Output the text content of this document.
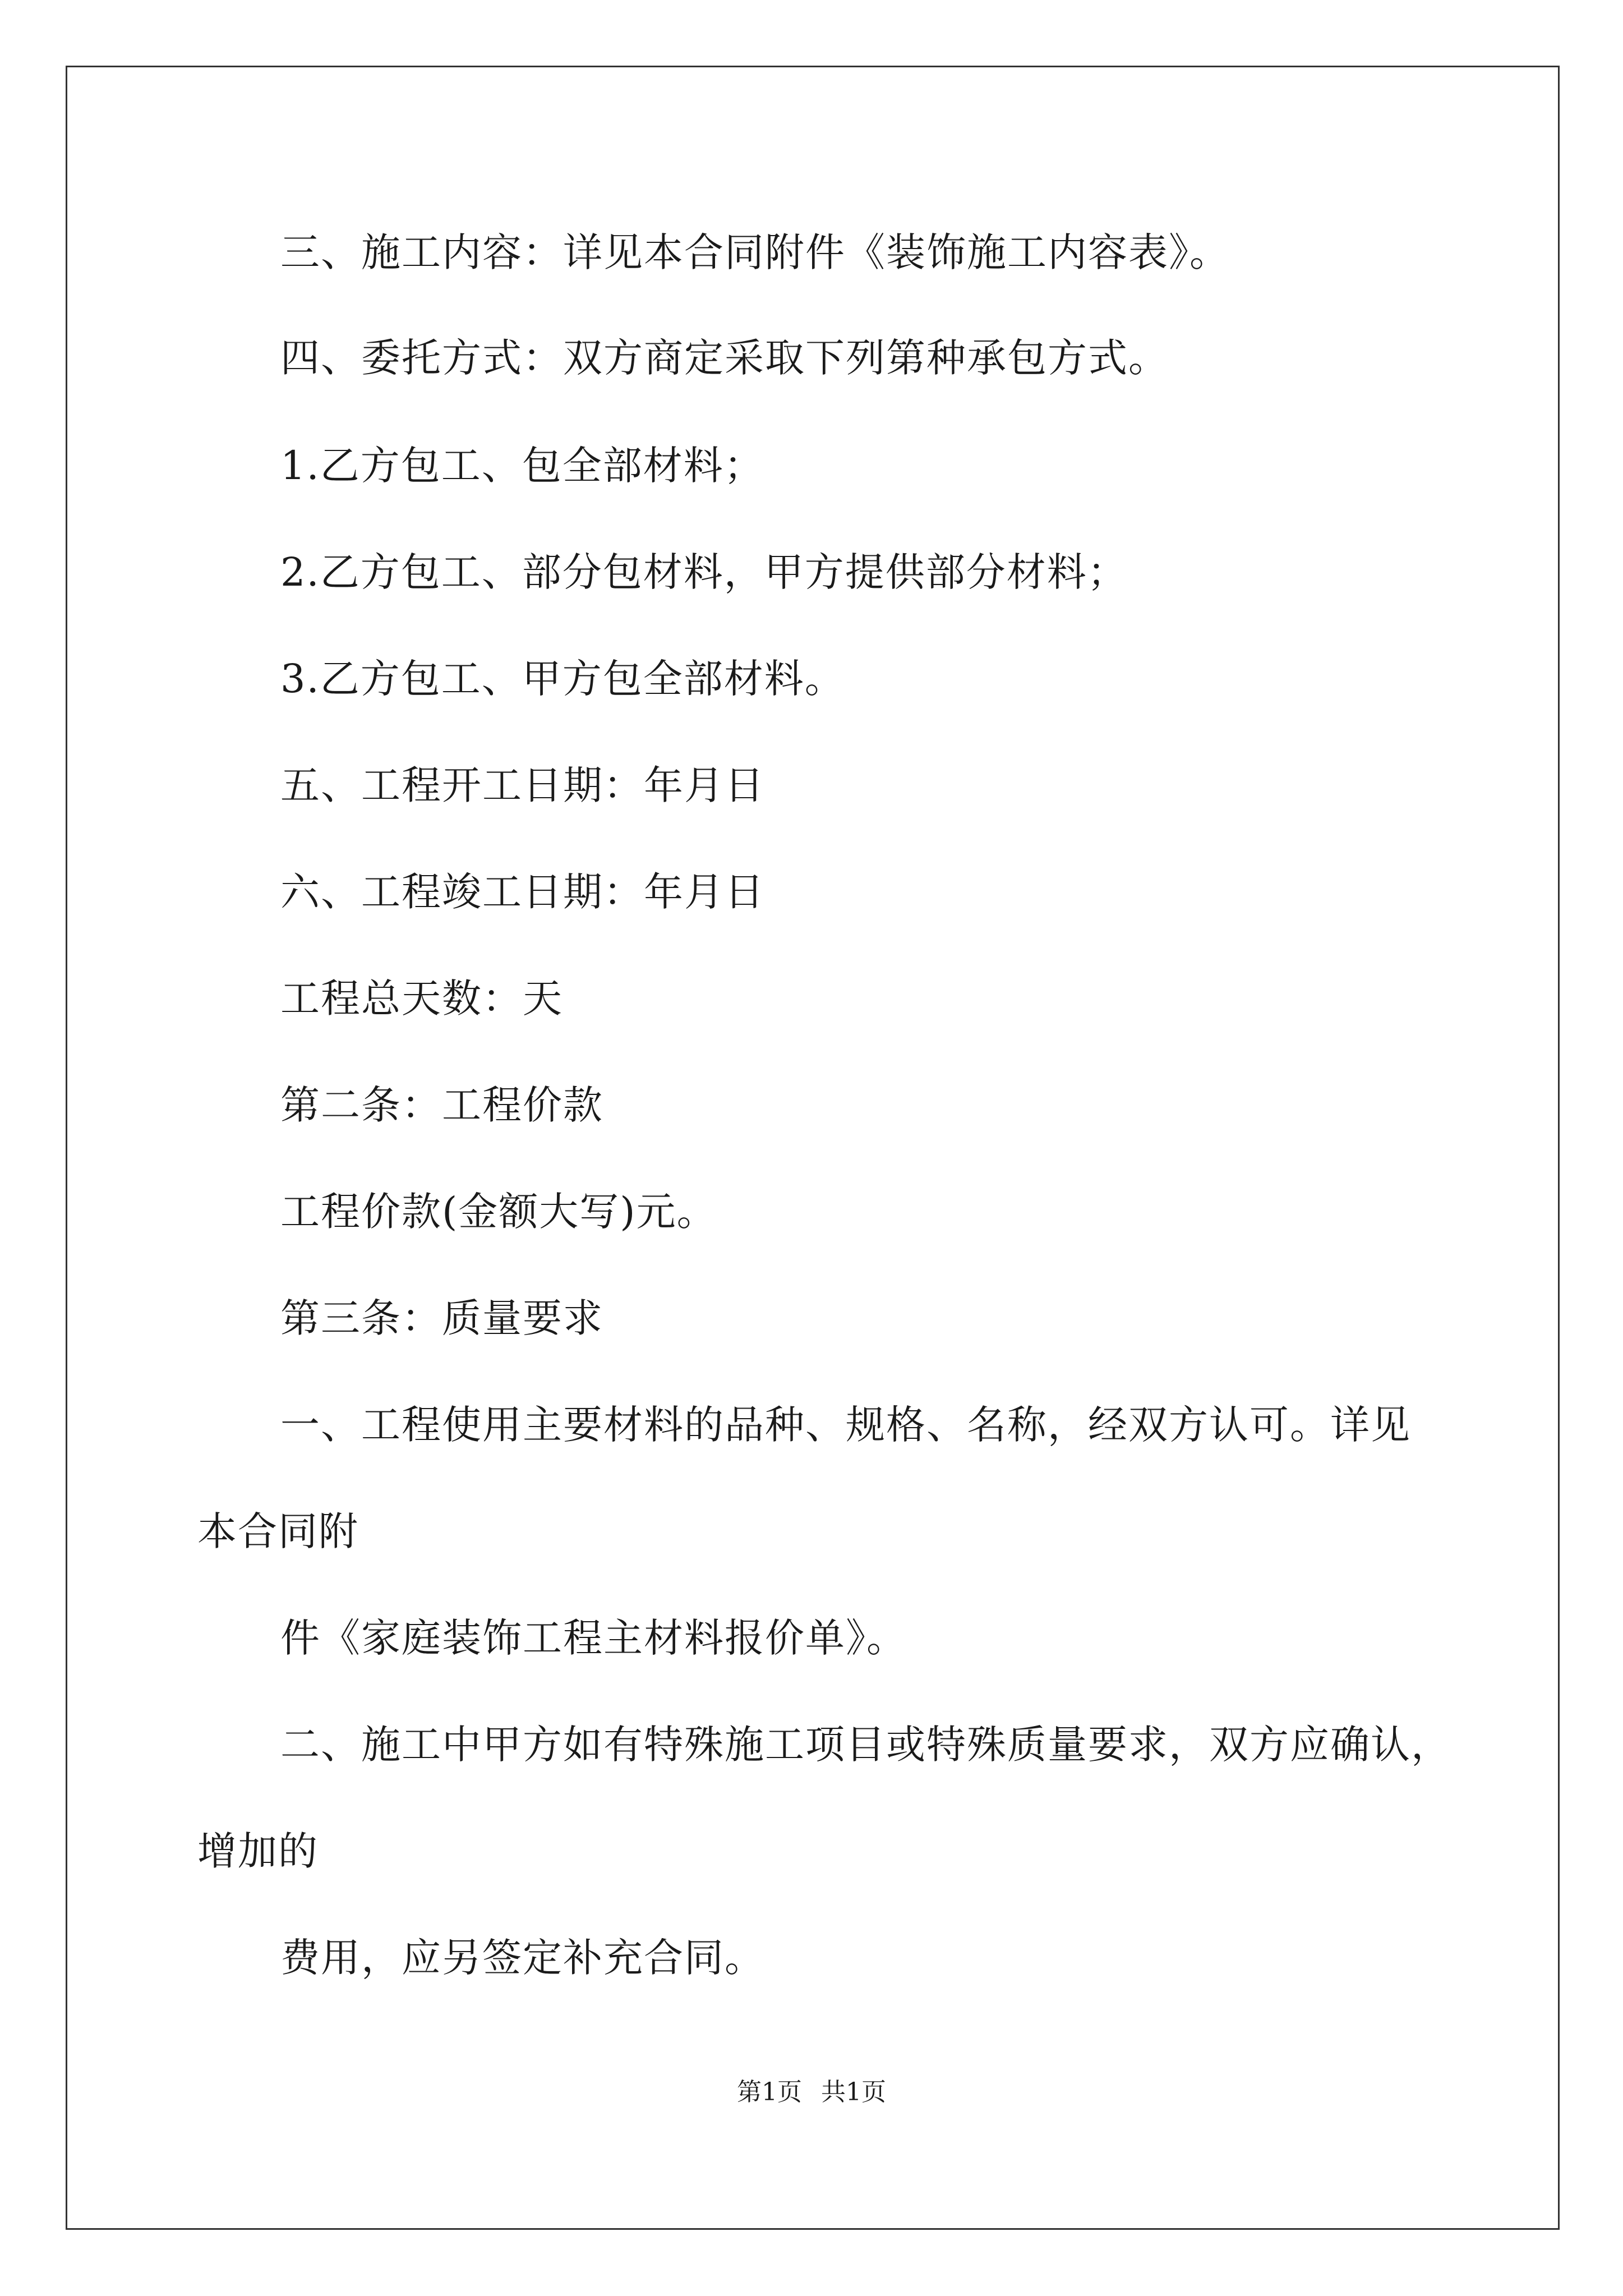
三、施工内容：详见本合同附件《装饰施工内容表》。
四、委托方式：双方商定采取下列第种承包方式。
1.乙方包工、包全部材料；
2.乙方包工、部分包材料，甲方提供部分材料；
3.乙方包工、甲方包全部材料。
五、工程开工日期：年月日
六、工程竣工日期：年月日
工程总天数：天
第二条：工程价款
工程价款(金额大写)元。
第三条：质量要求
一、工程使用主要材料的品种、规格、名称，经双方认可。详见
本合同附
件《家庭装饰工程主材料报价单》。
二、施工中甲方如有特殊施工项目或特殊质量要求，双方应确认，
增加的
费用，应另签定补充合同。
第1页 共1页
